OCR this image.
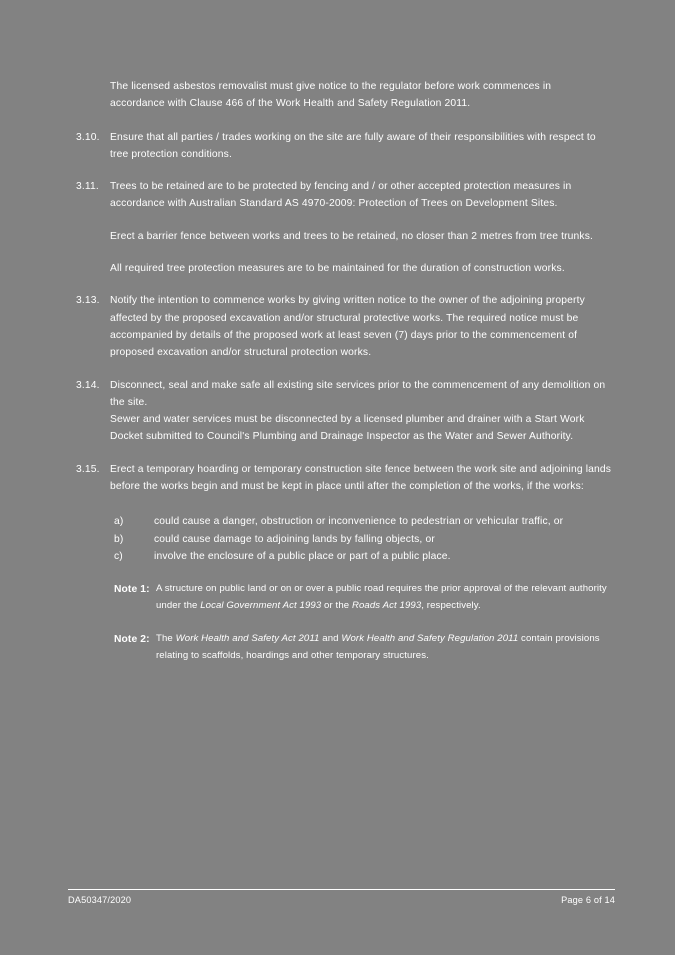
The licensed asbestos removalist must give notice to the regulator before work commences in accordance with Clause 466 of the Work Health and Safety Regulation 2011.

3.10.	Ensure that all parties / trades working on the site are fully aware of their responsibilities with respect to tree protection conditions.

3.11.	Trees to be retained are to be protected by fencing and / or other accepted protection measures in accordance with Australian Standard AS 4970-2009: Protection of Trees on Development Sites.

Erect a barrier fence between works and trees to be retained, no closer than 2 metres from tree trunks.

All required tree protection measures are to be maintained for the duration of construction works.

3.13.	Notify the intention to commence works by giving written notice to the owner of the adjoining property affected by the proposed excavation and/or structural protective works. The required notice must be accompanied by details of the proposed work at least seven (7) days prior to the commencement of proposed excavation and/or structural protection works.

3.14.	Disconnect, seal and make safe all existing site services prior to the commencement of any demolition on the site.

Sewer and water services must be disconnected by a licensed plumber and drainer with a Start Work Docket submitted to Council's Plumbing and Drainage Inspector as the Water and Sewer Authority.

3.15.	Erect a temporary hoarding or temporary construction site fence between the work site and adjoining lands before the works begin and must be kept in place until after the completion of the works, if the works:

a)	could cause a danger, obstruction or inconvenience to pedestrian or vehicular traffic, or
b)	could cause damage to adjoining lands by falling objects, or
c)	involve the enclosure of a public place or part of a public place.
Note 1: A structure on public land or on or over a public road requires the prior approval of the relevant authority under the Local Government Act 1993 or the Roads Act 1993, respectively.
Note 2: The Work Health and Safety Act 2011 and Work Health and Safety Regulation 2011 contain provisions relating to scaffolds, hoardings and other temporary structures.
DA50347/2020	Page 6 of 14
